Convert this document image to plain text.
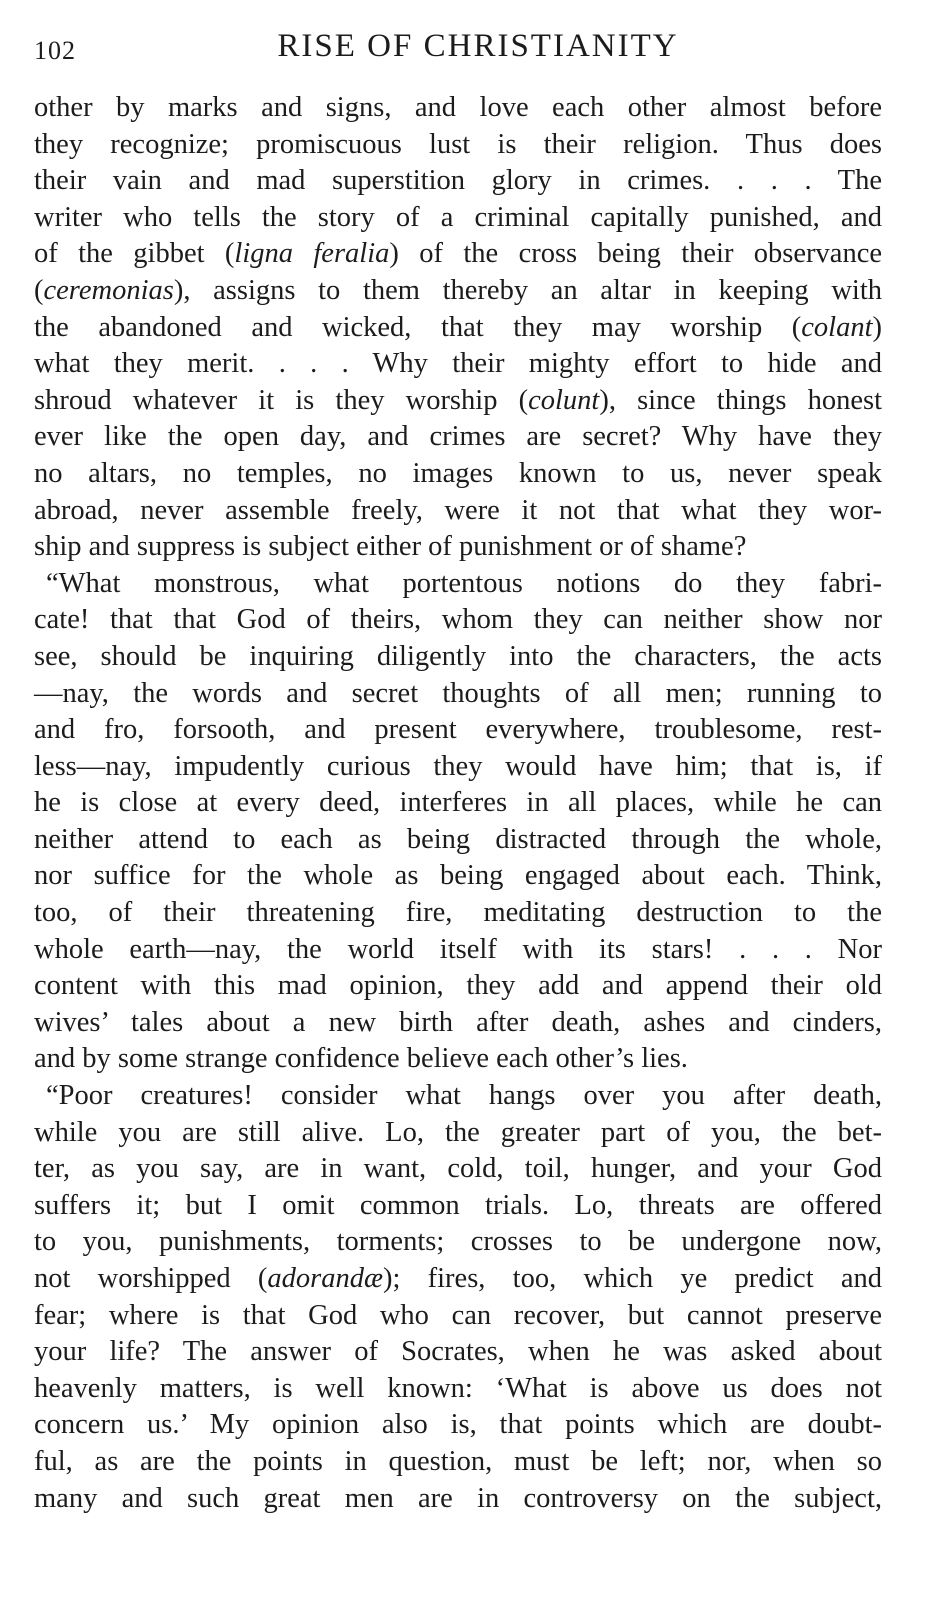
102	RISE OF CHRISTIANITY
other by marks and signs, and love each other almost before
they recognize; promiscuous lust is their religion. Thus does
their vain and mad superstition glory in crimes. . . . The
writer who tells the story of a criminal capitally punished, and
of the gibbet (ligna feralia) of the cross being their observance
(ceremonias), assigns to them thereby an altar in keeping with
the abandoned and wicked, that they may worship (colant)
what they merit. . . . Why their mighty effort to hide and
shroud whatever it is they worship (colunt), since things honest
ever like the open day, and crimes are secret? Why have they
no altars, no temples, no images known to us, never speak
abroad, never assemble freely, were it not that what they wor-
ship and suppress is subject either of punishment or of shame?
“What monstrous, what portentous notions do they fabri-
cate! that that God of theirs, whom they can neither show nor
see, should be inquiring diligently into the characters, the acts
—nay, the words and secret thoughts of all men; running to
and fro, forsooth, and present everywhere, troublesome, rest-
less—nay, impudently curious they would have him; that is, if
he is close at every deed, interferes in all places, while he can
neither attend to each as being distracted through the whole,
nor suffice for the whole as being engaged about each. Think,
too, of their threatening fire, meditating destruction to the
whole earth—nay, the world itself with its stars! . . . Nor
content with this mad opinion, they add and append their old
wives’ tales about a new birth after death, ashes and cinders,
and by some strange confidence believe each other’s lies.
“Poor creatures! consider what hangs over you after death,
while you are still alive. Lo, the greater part of you, the bet-
ter, as you say, are in want, cold, toil, hunger, and your God
suffers it; but I omit common trials. Lo, threats are offered
to you, punishments, torments; crosses to be undergone now,
not worshipped (adorandæ); fires, too, which ye predict and
fear; where is that God who can recover, but cannot preserve
your life? The answer of Socrates, when he was asked about
heavenly matters, is well known: ‘What is above us does not
concern us.’ My opinion also is, that points which are doubt-
ful, as are the points in question, must be left; nor, when so
many and such great men are in controversy on the subject,
